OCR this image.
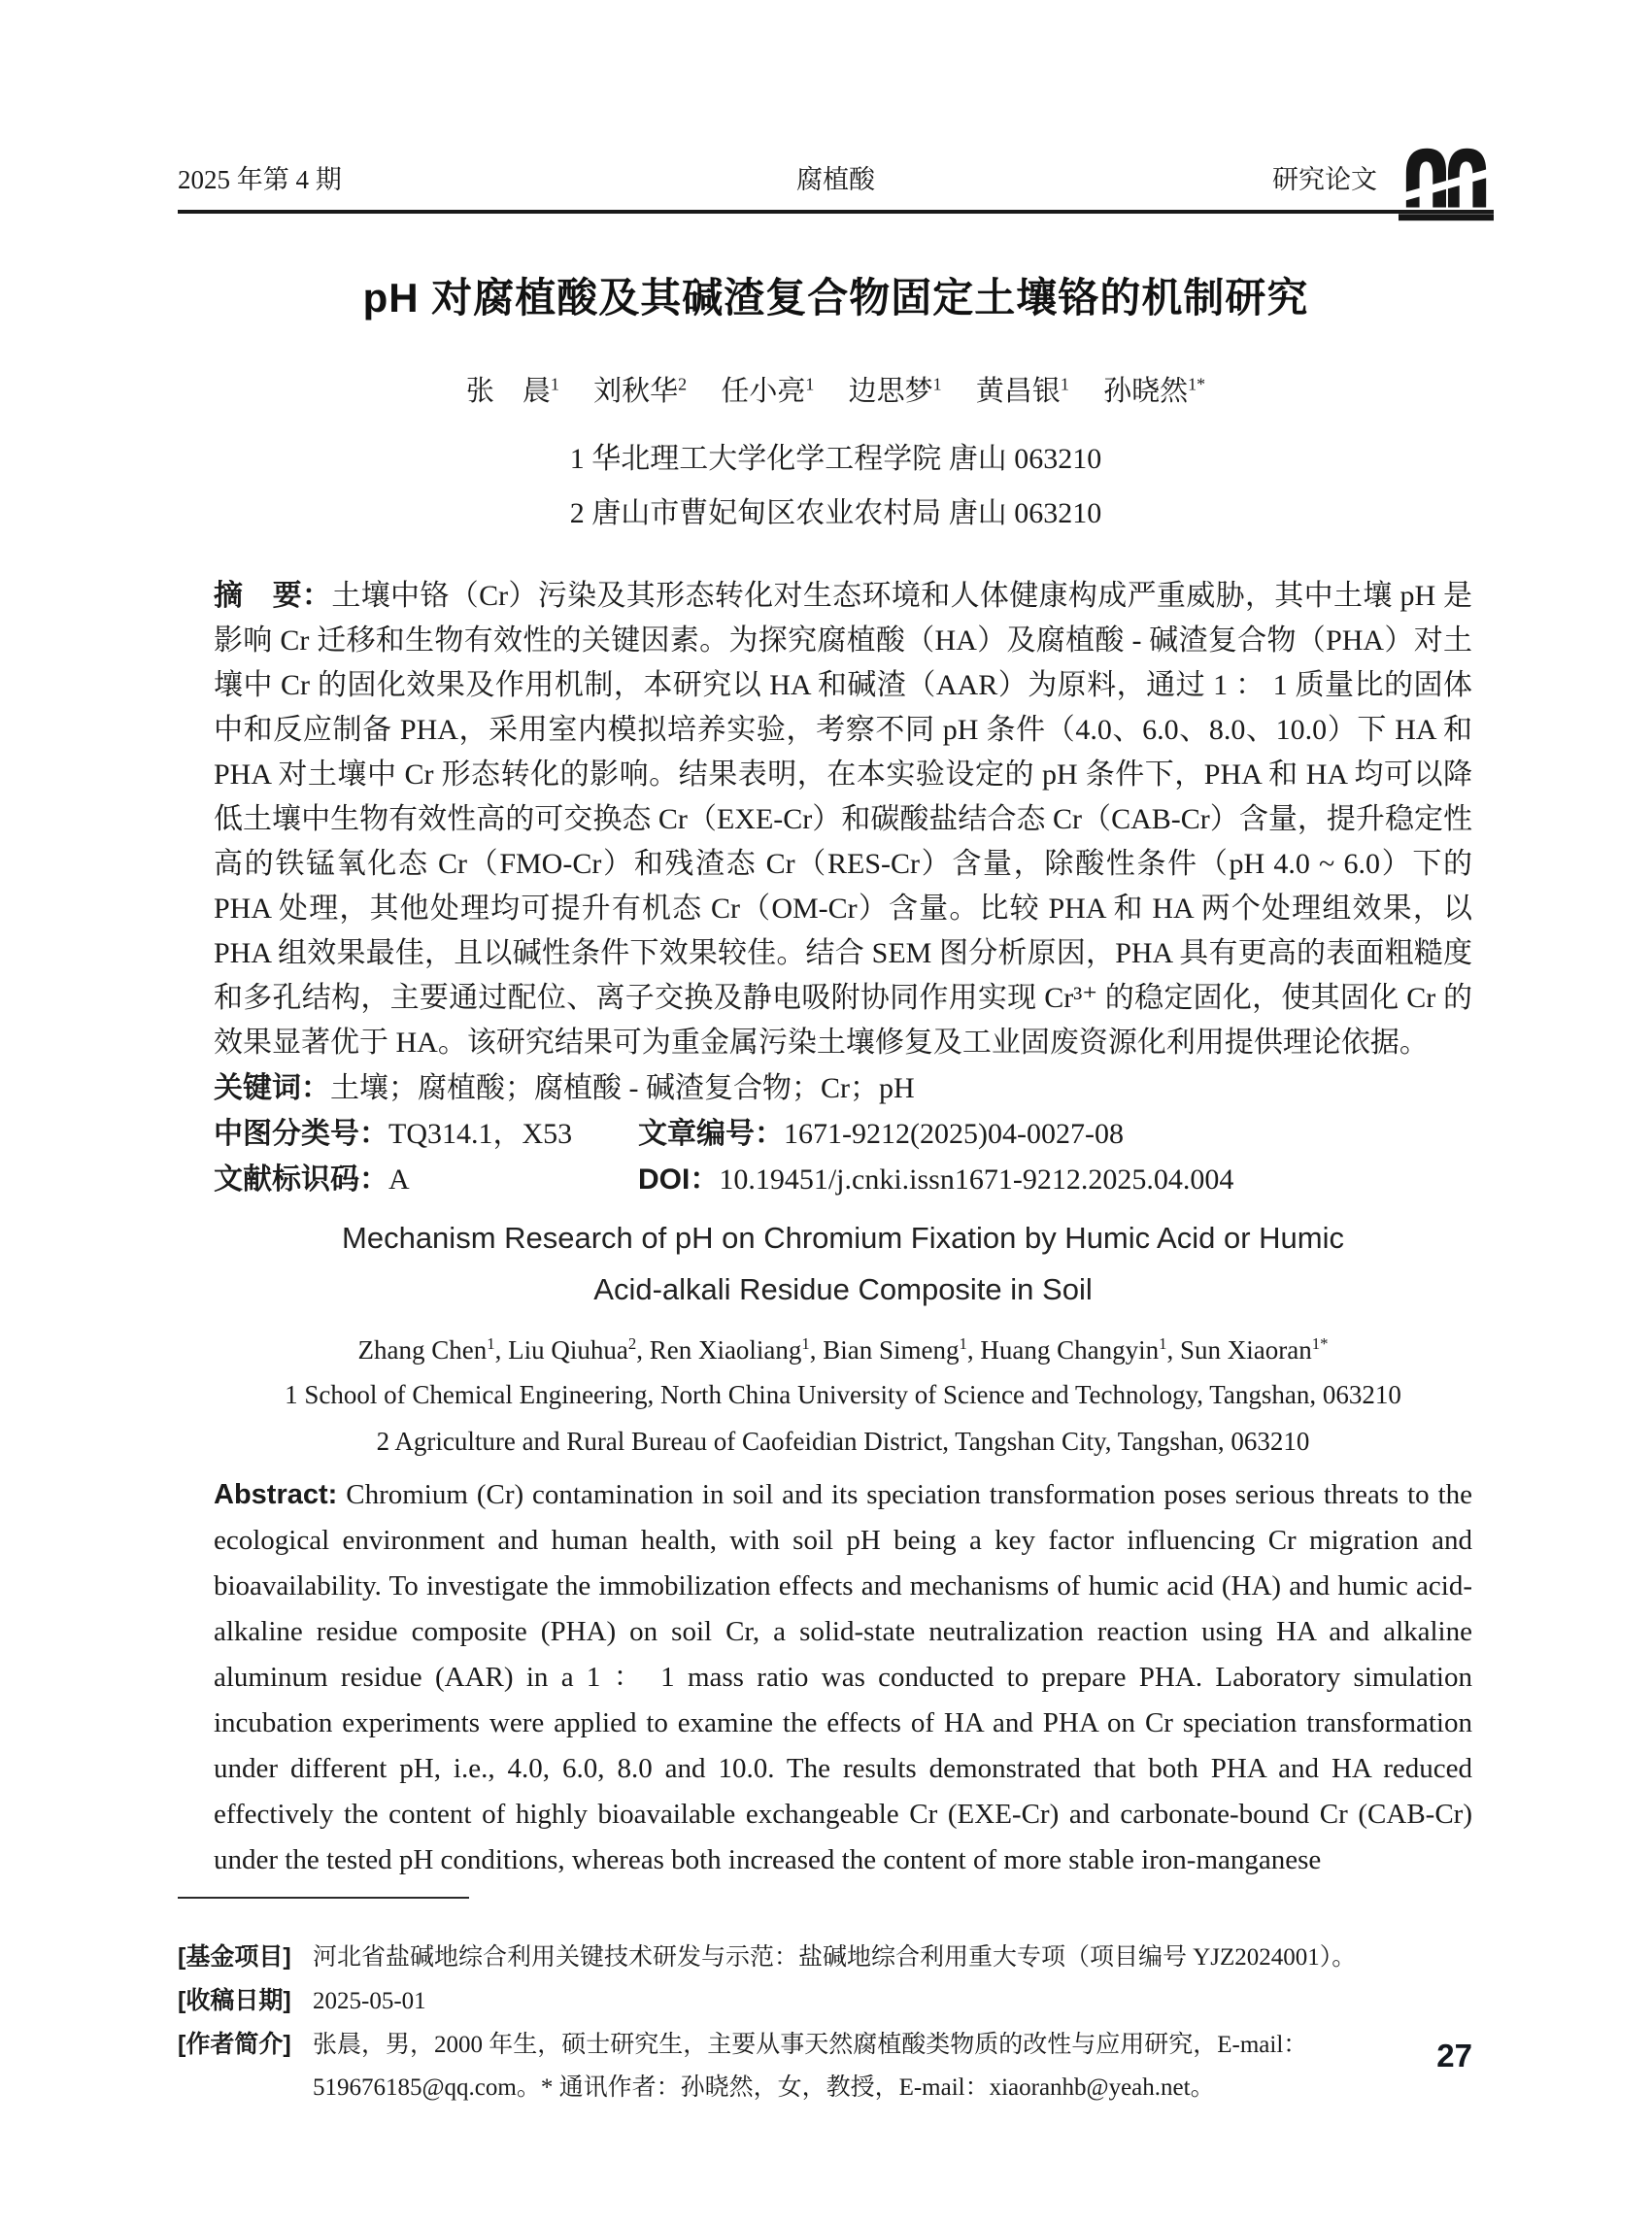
2025 年第 4 期	腐植酸	研究论文
pH 对腐植酸及其碱渣复合物固定土壤铬的机制研究
张　晨$^1$ 刘秋华$^2$ 任小亮$^1$ 边思梦$^1$ 黄昌银$^1$ 孙晓然$^{1*}$
1 华北理工大学化学工程学院 唐山 063210
2 唐山市曹妃甸区农业农村局 唐山 063210

摘　要：土壤中铬（Cr）污染及其形态转化对生态环境和人体健康构成严重威胁，其中土壤 pH 是影响 Cr 迁移和生物有效性的关键因素。为探究腐植酸（HA）及腐植酸 - 碱渣复合物（PHA）对土壤中 Cr 的固化效果及作用机制，本研究以 HA 和碱渣（AAR）为原料，通过 1 ： 1 质量比的固体中和反应制备 PHA，采用室内模拟培养实验，考察不同 pH 条件（4.0、6.0、8.0、10.0）下 HA 和 PHA 对土壤中 Cr 形态转化的影响。结果表明，在本实验设定的 pH 条件下，PHA 和 HA 均可以降低土壤中生物有效性高的可交换态 Cr（EXE-Cr）和碳酸盐结合态 Cr（CAB-Cr）含量，提升稳定性高的铁锰氧化态 Cr（FMO-Cr）和残渣态 Cr（RES-Cr）含量，除酸性条件（pH 4.0 ~ 6.0）下的 PHA 处理，其他处理均可提升有机态 Cr（OM-Cr）含量。比较 PHA 和 HA 两个处理组效果，以 PHA 组效果最佳，且以碱性条件下效果较佳。结合 SEM 图分析原因，PHA 具有更高的表面粗糙度和多孔结构，主要通过配位、离子交换及静电吸附协同作用实现 Cr³⁺ 的稳定固化，使其固化 Cr 的效果显著优于 HA。该研究结果可为重金属污染土壤修复及工业固废资源化利用提供理论依据。

关键词：土壤；腐植酸；腐植酸 - 碱渣复合物；Cr；pH

中图分类号：TQ314.1，X53 文章编号：1671-9212(2025)04-0027-08
文献标识码：A	DOI：10.19451/j.cnki.issn1671-9212.2025.04.004
Mechanism Research of pH on Chromium Fixation by Humic Acid or Humic Acid-alkali Residue Composite in Soil
Zhang Chen$^1$, Liu Qiuhua$^2$, Ren Xiaoliang$^1$, Bian Simeng$^1$, Huang Changyin$^1$, Sun Xiaoran$^{1*}$
1 School of Chemical Engineering, North China University of Science and Technology, Tangshan, 063210
2 Agriculture and Rural Bureau of Caofeidian District, Tangshan City, Tangshan, 063210

Abstract: Chromium (Cr) contamination in soil and its speciation transformation poses serious threats to the ecological environment and human health, with soil pH being a key factor influencing Cr migration and bioavailability. To investigate the immobilization effects and mechanisms of humic acid (HA) and humic acid-alkaline residue composite (PHA) on soil Cr, a solid-state neutralization reaction using HA and alkaline aluminum residue (AAR) in a 1 ： 1 mass ratio was conducted to prepare PHA. Laboratory simulation incubation experiments were applied to examine the effects of HA and PHA on Cr speciation transformation under different pH, i.e., 4.0, 6.0, 8.0 and 10.0. The results demonstrated that both PHA and HA reduced effectively the content of highly bioavailable exchangeable Cr (EXE-Cr) and carbonate-bound Cr (CAB-Cr) under the tested pH conditions, whereas both increased the content of more stable iron-manganese

[基金项目] 河北省盐碱地综合利用关键技术研发与示范：盐碱地综合利用重大专项（项目编号 YJZ2024001）。
[收稿日期] 2025-05-01
[作者简介] 张晨，男，2000 年生，硕士研究生，主要从事天然腐植酸类物质的改性与应用研究，E-mail：519676185@qq.com。* 通讯作者：孙晓然，女，教授，E-mail：xiaoranhb@yeah.net。
27
